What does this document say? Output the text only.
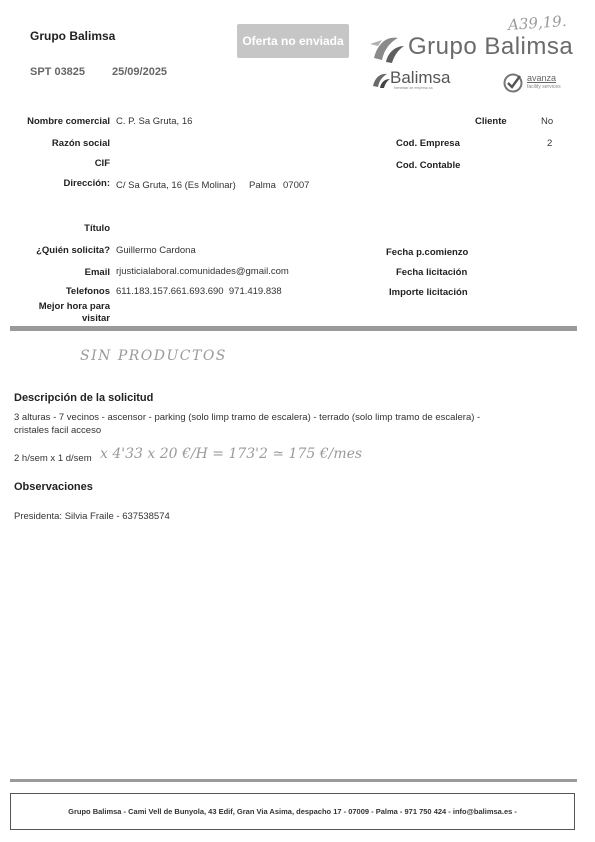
Grupo Balimsa
SPT 03825 25/09/2025
Oferta no enviada
A39,19.
Grupo Balimsa
Balimsa
bienestar de empresa sa
avanza
facility services
Nombre comercial C. P. Sa Gruta, 16
Razón social
CIF
Dirección: C/ Sa Gruta, 16 (Es Molinar) Palma 07007
Cliente	No
Cod. Empresa	2
Cod. Contable
Título
¿Quién solicita? Guillermo Cardona
Email rjusticialaboral.comunidades@gmail.com
Telefonos 611.183.157.661.693.690  971.419.838
Mejor hora para
visitar
Fecha p.comienzo
Fecha licitación
Importe licitación
SIN PRODUCTOS
Descripción de la solicitud
3 alturas - 7 vecinos - ascensor - parking (solo limp tramo de escalera) - terrado (solo limp tramo de escalera) -
cristales facil acceso
2 h/sem x 1 d/sem x 4'33 x 20 €/H = 173'2 ≃ 175 €/mes
Observaciones
Presidenta: Silvia Fraile - 637538574
Grupo Balimsa - Cami Vell de Bunyola, 43 Edif, Gran Via Asima, despacho 17 - 07009 - Palma - 971 750 424 - info@balimsa.es -
